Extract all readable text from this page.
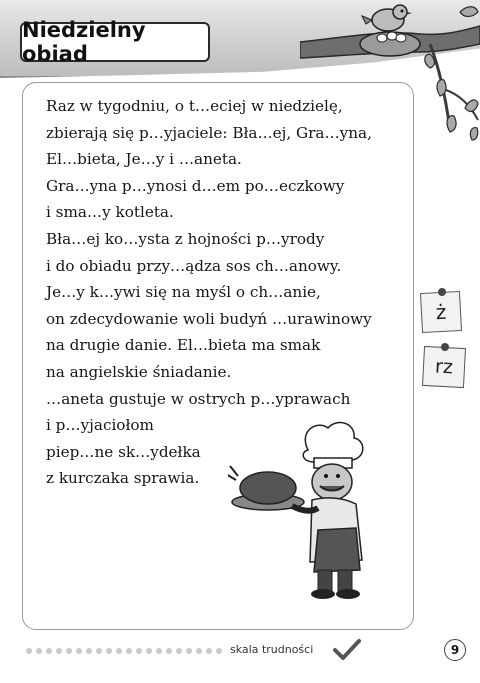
Niedzielny obiad
Raz w tygodniu, o t…eciej w niedzielę,
zbierają się p…yjaciele: Bła…ej, Gra…yna,
El…bieta, Je…y i …aneta.
Gra…yna p…ynosi d…em po…eczkowy
i sma…y kotleta.
Bła…ej ko…ysta z hojności p…yrody
i do obiadu przy…ądza sos ch…anowy.
Je…y k…ywi się na myśl o ch…anie,
on zdecydowanie woli budyń …urawinowy
na drugie danie. El…bieta ma smak
na angielskie śniadanie.
…aneta gustuje w ostrych p…yprawach
i p…yjaciołom
piep…ne sk…ydełka
z kurczaka sprawia.
ż
rz
skala trudności	9
